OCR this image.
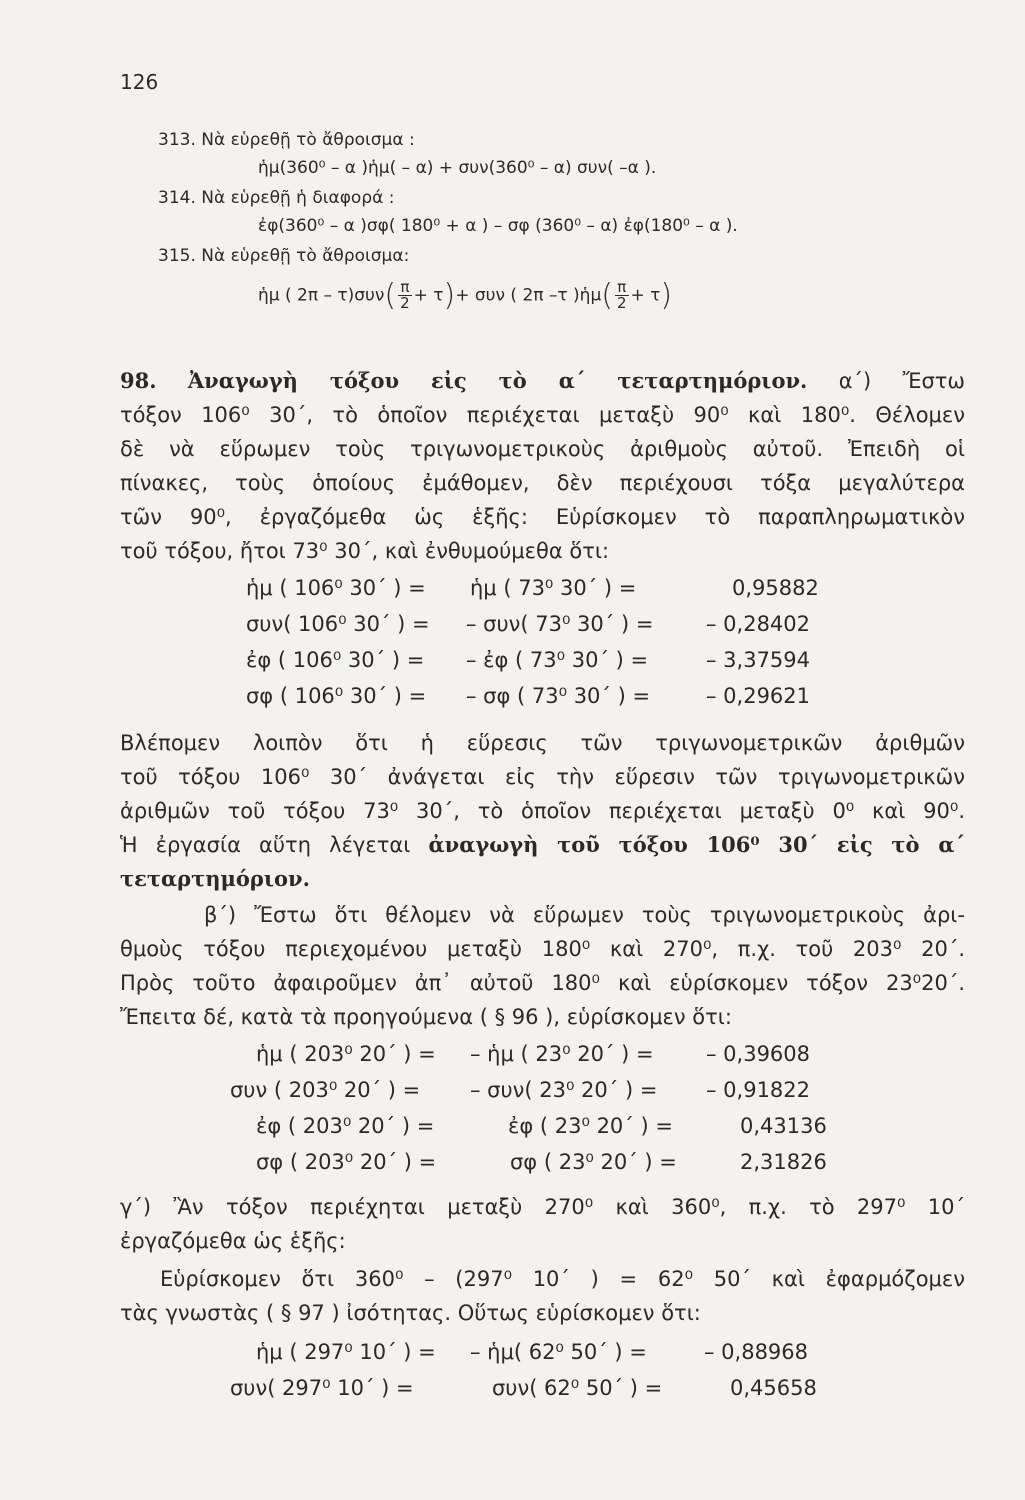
126
313. Νὰ εὑρεθῇ τὸ ἄθροισμα :
ἡμ(360⁰ – α )ἡμ( – α) + συν(360⁰ – α) συν( –α ).
314. Νὰ εὑρεθῇ ἡ διαφορά :
ἐφ(360⁰ – α )σφ( 180⁰ + α ) – σφ (360⁰ – α) ἐφ(180⁰ – α ).
315. Νὰ εὑρεθῇ τὸ ἄθροισμα:
ἡμ ( $2\pi - \tau)\sigma\upsilon\nu( \frac{\pi}{2} + \tau)+ \sigma\upsilon\nu$ ( 2π –τ )ἡμ( $\frac{\pi}{2} + \tau$)
98. Ἀναγωγὴ τόξου εἰς τὸ α΄ τεταρτημόριον. α΄) Ἔστω
τόξον 106⁰ 30΄, τὸ ὁποῖον περιέχεται μεταξὺ 90⁰ καὶ 180⁰. Θέλομεν
δὲ νὰ εὕρωμεν τοὺς τριγωνομετρικοὺς ἀριθμοὺς αὐτοῦ. Ἐπειδὴ οἱ
πίνακες, τοὺς ὁποίους ἐμάθομεν, δὲν περιέχουσι τόξα μεγαλύτερα
τῶν 90⁰, ἐργαζόμεθα ὡς ἑξῆς: Εὑρίσκομεν τὸ παραπληρωματικὸν
τοῦ τόξου, ἤτοι 73⁰ 30΄, καὶ ἐνθυμούμεθα ὅτι:
ἡμ ( 106⁰ 30΄ ) = ἡμ ( 73⁰ 30΄ ) =	0,95882
συν( 106⁰ 30΄ ) = – συν( 73⁰ 30΄ ) =	– 0,28402
ἐφ ( 106⁰ 30΄ ) = – ἐφ ( 73⁰ 30΄ ) =	– 3,37594
σφ ( 106⁰ 30΄ ) = – σφ ( 73⁰ 30΄ ) =	– 0,29621
Βλέπομεν λοιπὸν ὅτι ἡ εὕρεσις τῶν τριγωνομετρικῶν ἀριθμῶν
τοῦ τόξου 106⁰ 30΄ ἀνάγεται εἰς τὴν εὕρεσιν τῶν τριγωνομετρικῶν
ἀριθμῶν τοῦ τόξου 73⁰ 30΄, τὸ ὁποῖον περιέχεται μεταξὺ 0⁰ καὶ 90⁰.
Ἡ ἐργασία αὕτη λέγεται ἀναγωγὴ τοῦ τόξου 106⁰ 30΄ εἰς τὸ α΄
τεταρτημόριον.
β΄) Ἔστω ὅτι θέλομεν νὰ εὕρωμεν τοὺς τριγωνομετρικοὺς ἀρι-
θμοὺς τόξου περιεχομένου μεταξὺ 180⁰ καὶ 270⁰, π.χ. τοῦ 203⁰ 20΄.
Πρὸς τοῦτο ἀφαιροῦμεν ἀπ᾽ αὐτοῦ 180⁰ καὶ εὑρίσκομεν τόξον 23⁰20΄.
Ἔπειτα δέ, κατὰ τὰ προηγούμενα ( § 96 ), εὑρίσκομεν ὅτι:
ἡμ ( 203⁰ 20΄ ) = – ἡμ ( 23⁰ 20΄ ) = – 0,39608
συν ( 203⁰ 20΄ ) = – συν( 23⁰ 20΄ ) = – 0,91822
ἐφ ( 203⁰ 20΄ ) =	ἐφ ( 23⁰ 20΄ ) =	0,43136
σφ ( 203⁰ 20΄ ) =	σφ ( 23⁰ 20΄ ) =	2,31826
γ΄) Ἂν τόξον περιέχηται μεταξὺ 270⁰ καὶ 360⁰, π.χ. τὸ 297⁰ 10΄
ἐργαζόμεθα ὡς ἑξῆς:
Εὑρίσκομεν ὅτι 360⁰ – (297⁰ 10΄ ) = 62⁰ 50΄ καὶ ἐφαρμόζομεν
τὰς γνωστὰς ( § 97 ) ἰσότητας. Οὕτως εὑρίσκομεν ὅτι:
ἡμ ( 297⁰ 10΄ ) = – ἡμ( 62⁰ 50΄ ) =	– 0,88968
συν( 297⁰ 10΄ ) =	συν( 62⁰ 50΄ ) =	0,45658
